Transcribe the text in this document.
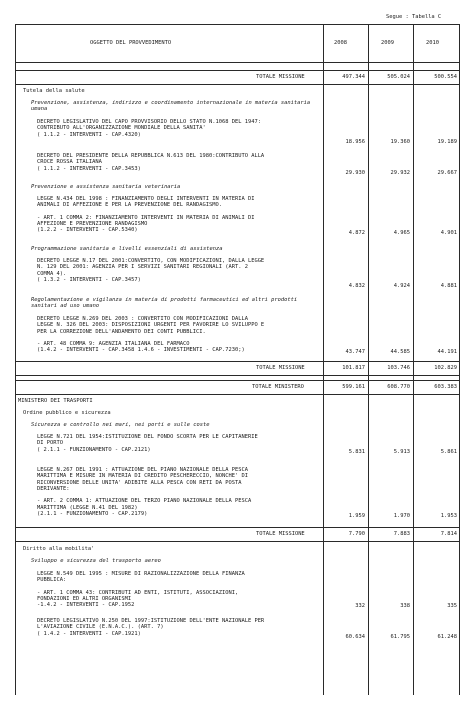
Segue : Tabella C
OGGETTO DEL PROVVEDIMENTO	2008	2009	2010
TOTALE MISSIONE	497.344	505.024	500.554
Tutela della salute
Prevenzione, assistenza, indirizzo e coordinamento internazionale in materia sanitaria umana
DECRETO LEGISLATIVO DEL CAPO PROVVISORIO DELLO STATO N.1068 DEL 1947:
CONTRIBUTO ALL'ORGANIZZAZIONE MONDIALE DELLA SANITA'
( 1.1.2 - INTERVENTI - CAP.4320)
18.956	19.360	19.189
DECRETO DEL PRESIDENTE DELLA REPUBBLICA N.613 DEL 1980:CONTRIBUTO ALLA
CROCE ROSSA ITALIANA
( 1.1.2 - INTERVENTI - CAP.3453)
29.930	29.932	29.667
Prevenzione e assistenza sanitaria veterinaria
LEGGE N.434 DEL 1998 : FINANZIAMENTO DEGLI INTERVENTI IN MATERIA DI
ANIMALI DI AFFEZIONE E PER LA PREVENZIONE DEL RANDAGISMO.

- ART. 1 COMMA 2: FINANZIAMENTO INTERVENTI IN MATERIA DI ANIMALI DI
AFFEZIONE E PREVENZIONE RANDAGISMO
(1.2.2 - INTERVENTI - CAP.5340)	4.872	4.965	4.901
Programmazione sanitaria e livelli essenziali di assistenza
DECRETO LEGGE N.17 DEL 2001:CONVERTITO, CON MODIFICAZIONI, DALLA LEGGE
N. 129 DEL 2001: AGENZIA PER I SERVIZI SANITARI REGIONALI (ART. 2
COMMA 4).
( 1.3.2 - INTERVENTI - CAP.3457)
4.832	4.924	4.881
Regolamentazione e vigilanza in materia di prodotti farmaceutici ed altri prodotti sanitari ad uso umano
DECRETO LEGGE N.269 DEL 2003 : CONVERTITO CON MODIFICAZIONI DALLA
LEGGE N. 326 DEL 2003: DISPOSIZIONI URGENTI PER FAVORIRE LO SVILUPPO E
PER LA CORREZIONE DELL'ANDAMENTO DEI CONTI PUBBLICI.

- ART. 48 COMMA 9: AGENZIA ITALIANA DEL FARMACO
(1.4.2 - INTERVENTI - CAP.3458 1.4.6 - INVESTIMENTI - CAP.7230;)	43.747	44.585	44.191
TOTALE MISSIONE	101.817	103.746	102.829
TOTALE MINISTERO	599.161	608.770	603.383
MINISTERO DEI TRASPORTI
Ordine pubblico e sicurezza
Sicurezza e controllo nei mari, nei porti e sulle coste
LEGGE N.721 DEL 1954:ISTITUZIONE DEL FONDO SCORTA PER LE CAPITANERIE
DI PORTO
( 2.1.1 - FUNZIONAMENTO - CAP.2121)	5.831	5.913	5.861
LEGGE N.267 DEL 1991 : ATTUAZIONE DEL PIANO NAZIONALE DELLA PESCA
MARITTIMA E MISURE IN MATERIA DI CREDITO PESCHERECCIO, NONCHE' DI
RICONVERSIONE DELLE UNITA' ADIBITE ALLA PESCA CON RETI DA POSTA
DERIVANTE:

- ART. 2 COMMA 1: ATTUAZIONE DEL TERZO PIANO NAZIONALE DELLA PESCA
MARITTIMA (LEGGE N.41 DEL 1982)
(2.1.1 - FUNZIONAMENTO - CAP.2179)	1.959	1.970	1.953
TOTALE MISSIONE	7.790	7.883	7.814
Diritto alla mobilita'
Sviluppo e sicurezza del trasporto aereo
LEGGE N.549 DEL 1995 : MISURE DI RAZIONALIZZAZIONE DELLA FINANZA
PUBBLICA:

- ART. 1 COMMA 43: CONTRIBUTI AD ENTI, ISTITUTI, ASSOCIAZIONI,
FONDAZIONI ED ALTRI ORGANISMI
-1.4.2 - INTERVENTI - CAP.1952	332	338	335
DECRETO LEGISLATIVO N.250 DEL 1997:ISTITUZIONE DELL'ENTE NAZIONALE PER
L'AVIAZIONE CIVILE (E.N.A.C.). (ART. 7)
( 1.4.2 - INTERVENTI - CAP.1921)
60.634	61.795	61.248
